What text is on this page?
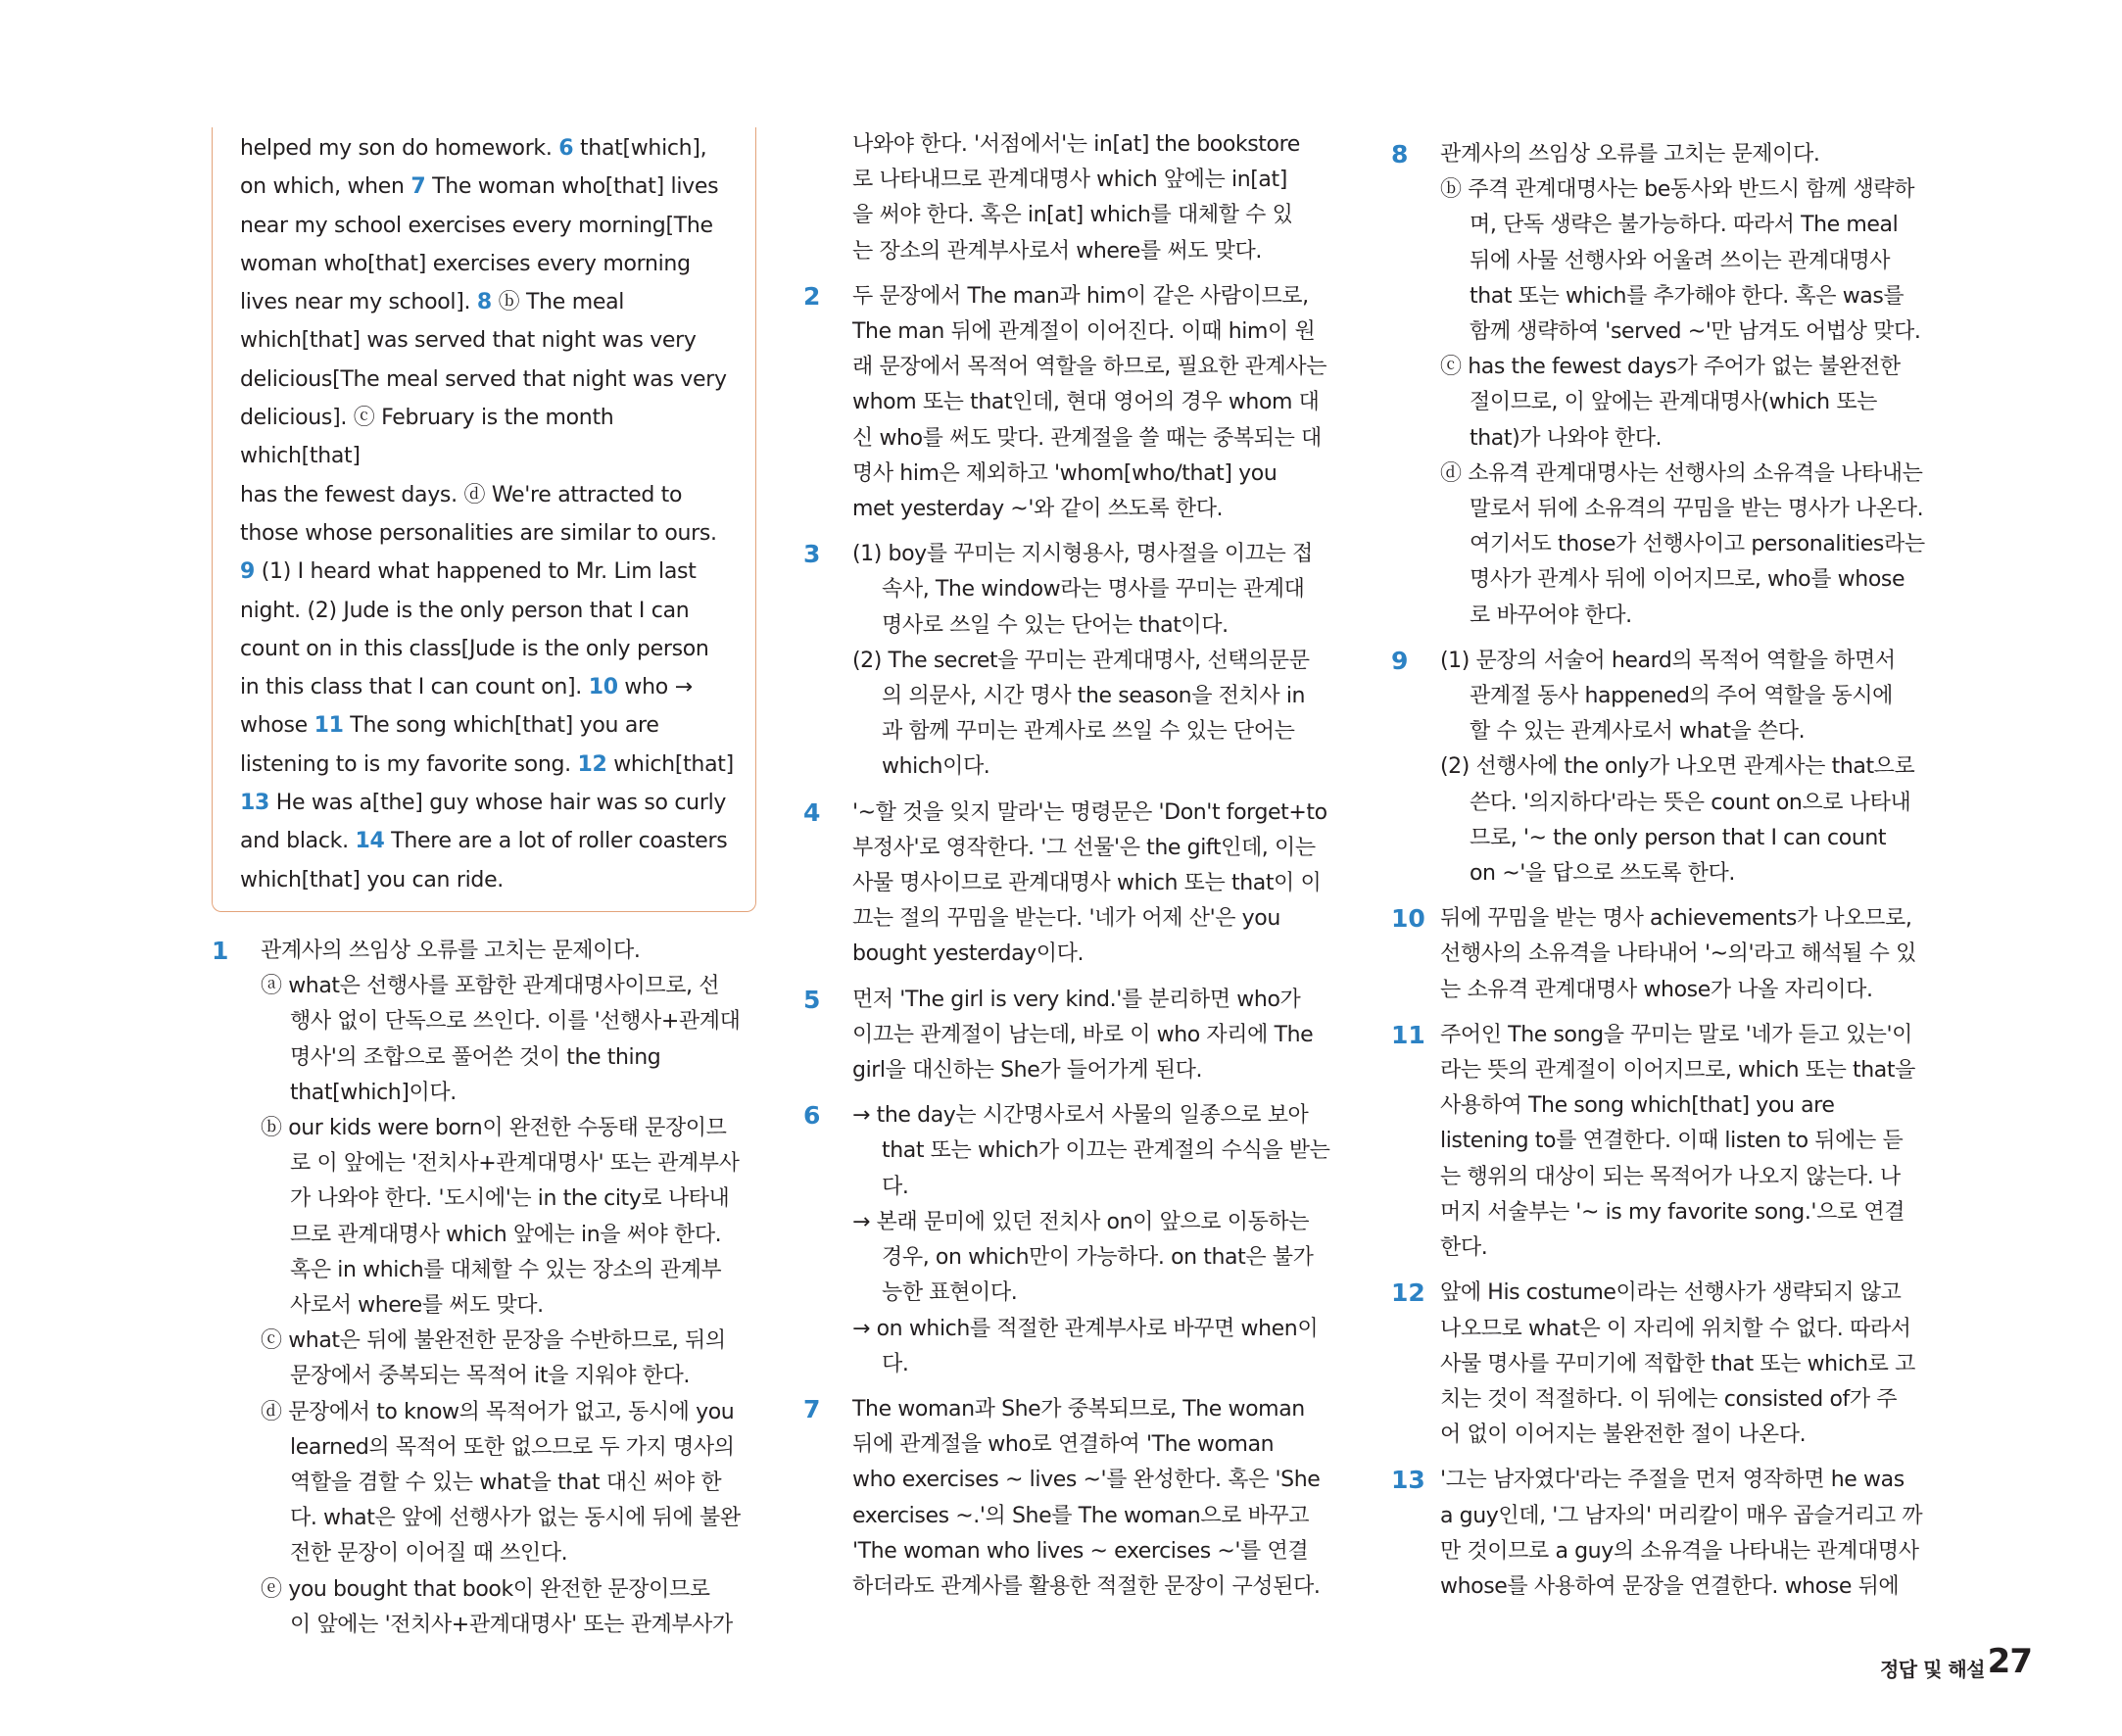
helped my son do homework. 6 that[which],

on which, when 7 The woman who[that] lives

near my school exercises every morning[The

woman who[that] exercises every morning

lives near my school]. 8 ⓑ The meal

which[that] was served that night was very

delicious[The meal served that night was very

delicious]. ⓒ February is the month which[that]

has the fewest days. ⓓ We're attracted to

those whose personalities are similar to ours.

9 (1) I heard what happened to Mr. Lim last

night. (2) Jude is the only person that I can

count on in this class[Jude is the only person

in this class that I can count on]. 10 who →

whose 11 The song which[that] you are

listening to is my favorite song. 12 which[that]

13 He was a[the] guy whose hair was so curly

and black. 14 There are a lot of roller coasters

which[that] you can ride.

1 관계사의 쓰임상 오류를 고치는 문제이다.
ⓐ what은 선행사를 포함한 관계대명사이므로, 선
행사 없이 단독으로 쓰인다. 이를 '선행사+관계대
명사'의 조합으로 풀어쓴 것이 the thing
that[which]이다.
ⓑ our kids were born이 완전한 수동태 문장이므
로 이 앞에는 '전치사+관계대명사' 또는 관계부사
가 나와야 한다. '도시에'는 in the city로 나타내
므로 관계대명사 which 앞에는 in을 써야 한다.
혹은 in which를 대체할 수 있는 장소의 관계부
사로서 where를 써도 맞다.
ⓒ what은 뒤에 불완전한 문장을 수반하므로, 뒤의
문장에서 중복되는 목적어 it을 지워야 한다.
ⓓ 문장에서 to know의 목적어가 없고, 동시에 you
learned의 목적어 또한 없으므로 두 가지 명사의
역할을 겸할 수 있는 what을 that 대신 써야 한
다. what은 앞에 선행사가 없는 동시에 뒤에 불완
전한 문장이 이어질 때 쓰인다.
ⓔ you bought that book이 완전한 문장이므로
이 앞에는 '전치사+관계대명사' 또는 관계부사가
나와야 한다. '서점에서'는 in[at] the bookstore
로 나타내므로 관계대명사 which 앞에는 in[at]
을 써야 한다. 혹은 in[at] which를 대체할 수 있
는 장소의 관계부사로서 where를 써도 맞다.
2 두 문장에서 The man과 him이 같은 사람이므로,
The man 뒤에 관계절이 이어진다. 이때 him이 원
래 문장에서 목적어 역할을 하므로, 필요한 관계사는
whom 또는 that인데, 현대 영어의 경우 whom 대
신 who를 써도 맞다. 관계절을 쓸 때는 중복되는 대
명사 him은 제외하고 'whom[who/that] you
met yesterday ~'와 같이 쓰도록 한다.
3 (1) boy를 꾸미는 지시형용사, 명사절을 이끄는 접
속사, The window라는 명사를 꾸미는 관계대
명사로 쓰일 수 있는 단어는 that이다.
(2) The secret을 꾸미는 관계대명사, 선택의문문
의 의문사, 시간 명사 the season을 전치사 in
과 함께 꾸미는 관계사로 쓰일 수 있는 단어는
which이다.
4 '~할 것을 잊지 말라'는 명령문은 'Don't forget+to
부정사'로 영작한다. '그 선물'은 the gift인데, 이는
사물 명사이므로 관계대명사 which 또는 that이 이
끄는 절의 꾸밈을 받는다. '네가 어제 산'은 you
bought yesterday이다.
5 먼저 'The girl is very kind.'를 분리하면 who가
이끄는 관계절이 남는데, 바로 이 who 자리에 The
girl을 대신하는 She가 들어가게 된다.
6 → the day는 시간명사로서 사물의 일종으로 보아
that 또는 which가 이끄는 관계절의 수식을 받는
다.
→ 본래 문미에 있던 전치사 on이 앞으로 이동하는
경우, on which만이 가능하다. on that은 불가
능한 표현이다.
→ on which를 적절한 관계부사로 바꾸면 when이
다.
7 The woman과 She가 중복되므로, The woman
뒤에 관계절을 who로 연결하여 'The woman
who exercises ~ lives ~'를 완성한다. 혹은 'She
exercises ~.'의 She를 The woman으로 바꾸고
'The woman who lives ~ exercises ~'를 연결
하더라도 관계사를 활용한 적절한 문장이 구성된다.
8 관계사의 쓰임상 오류를 고치는 문제이다.
ⓑ 주격 관계대명사는 be동사와 반드시 함께 생략하
며, 단독 생략은 불가능하다. 따라서 The meal
뒤에 사물 선행사와 어울려 쓰이는 관계대명사
that 또는 which를 추가해야 한다. 혹은 was를
함께 생략하여 'served ~'만 남겨도 어법상 맞다.
ⓒ has the fewest days가 주어가 없는 불완전한
절이므로, 이 앞에는 관계대명사(which 또는
that)가 나와야 한다.
ⓓ 소유격 관계대명사는 선행사의 소유격을 나타내는
말로서 뒤에 소유격의 꾸밈을 받는 명사가 나온다.
여기서도 those가 선행사이고 personalities라는
명사가 관계사 뒤에 이어지므로, who를 whose
로 바꾸어야 한다.
9 (1) 문장의 서술어 heard의 목적어 역할을 하면서
관계절 동사 happened의 주어 역할을 동시에
할 수 있는 관계사로서 what을 쓴다.
(2) 선행사에 the only가 나오면 관계사는 that으로
쓴다. '의지하다'라는 뜻은 count on으로 나타내
므로, '~ the only person that I can count
on ~'을 답으로 쓰도록 한다.
10 뒤에 꾸밈을 받는 명사 achievements가 나오므로,
선행사의 소유격을 나타내어 '~의'라고 해석될 수 있
는 소유격 관계대명사 whose가 나올 자리이다.
11 주어인 The song을 꾸미는 말로 '네가 듣고 있는'이
라는 뜻의 관계절이 이어지므로, which 또는 that을
사용하여 The song which[that] you are
listening to를 연결한다. 이때 listen to 뒤에는 듣
는 행위의 대상이 되는 목적어가 나오지 않는다. 나
머지 서술부는 '~ is my favorite song.'으로 연결
한다.
12 앞에 His costume이라는 선행사가 생략되지 않고
나오므로 what은 이 자리에 위치할 수 없다. 따라서
사물 명사를 꾸미기에 적합한 that 또는 which로 고
치는 것이 적절하다. 이 뒤에는 consisted of가 주
어 없이 이어지는 불완전한 절이 나온다.
13 '그는 남자였다'라는 주절을 먼저 영작하면 he was
a guy인데, '그 남자의' 머리칼이 매우 곱슬거리고 까
만 것이므로 a guy의 소유격을 나타내는 관계대명사
whose를 사용하여 문장을 연결한다. whose 뒤에
정답 및 해설 27
